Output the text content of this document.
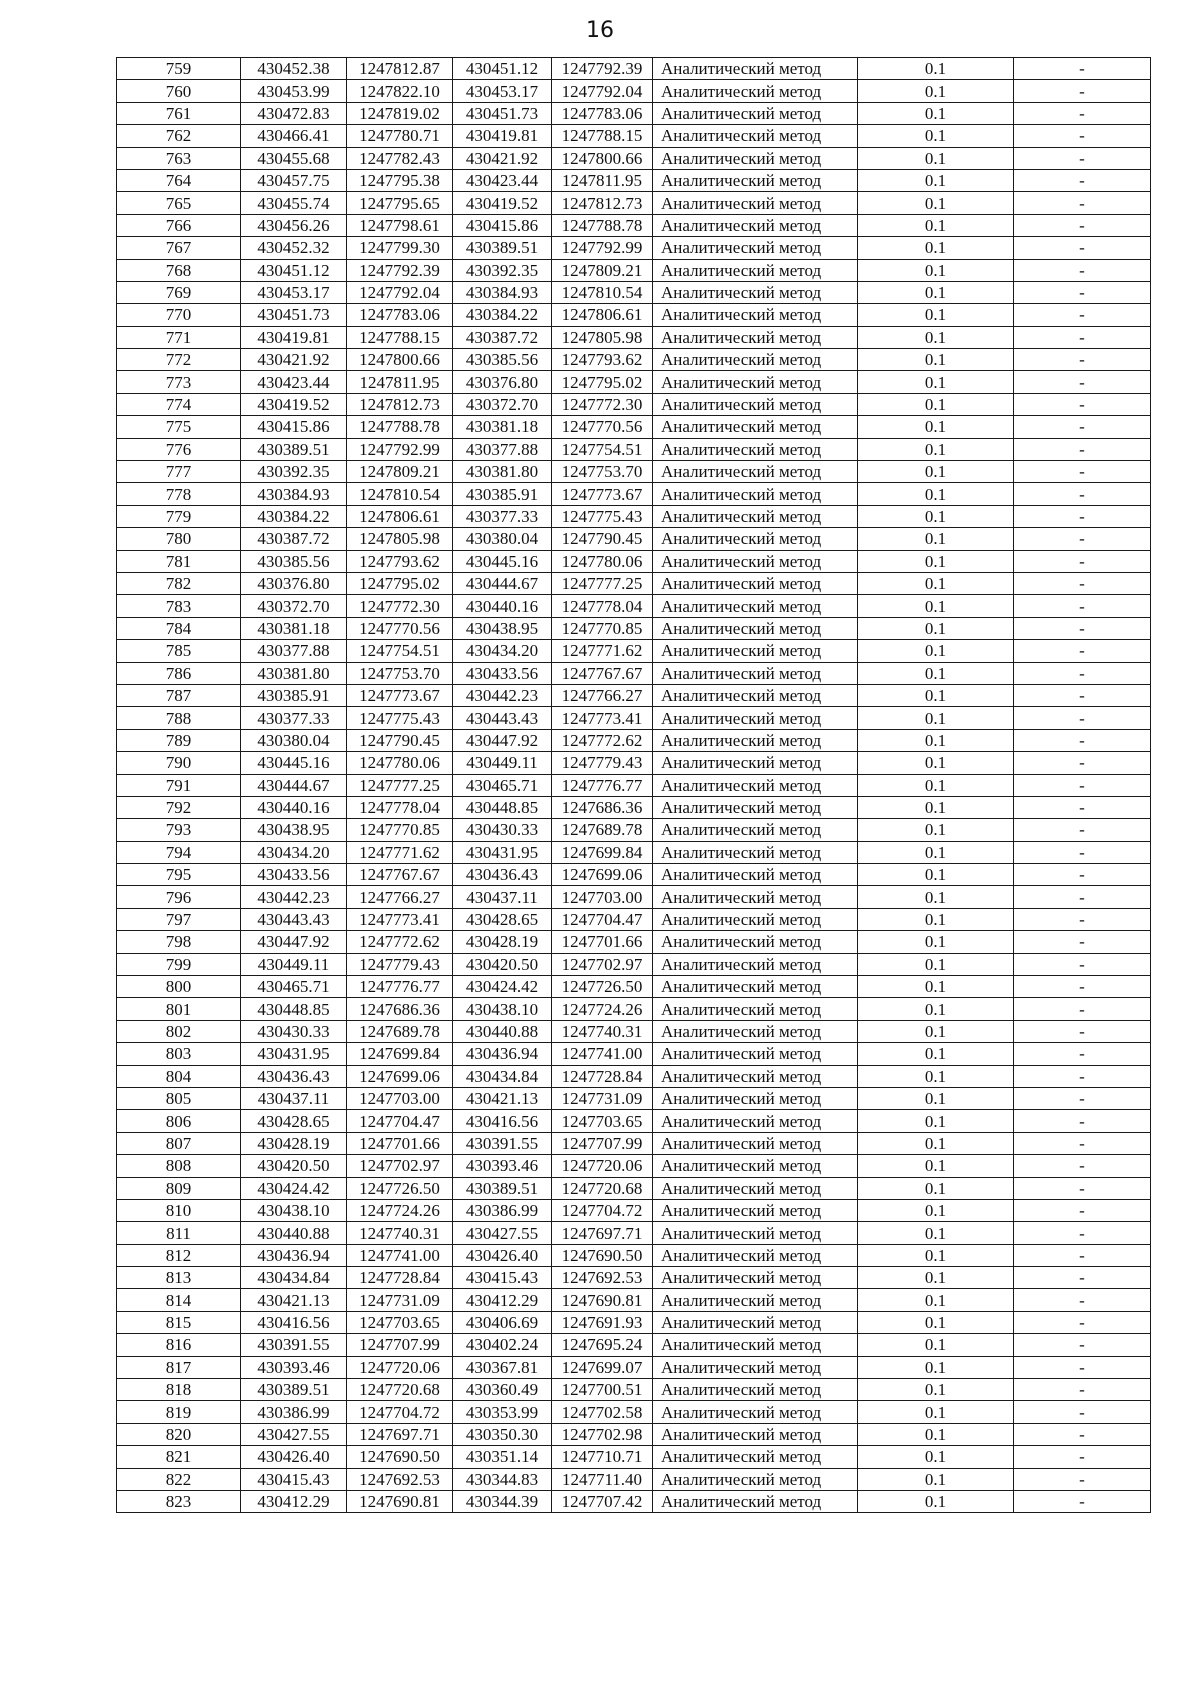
16
759	430452.38	1247812.87	430451.12	1247792.39	Аналитический метод	0.1	-
760	430453.99	1247822.10	430453.17	1247792.04	Аналитический метод	0.1	-
761	430472.83	1247819.02	430451.73	1247783.06	Аналитический метод	0.1	-
762	430466.41	1247780.71	430419.81	1247788.15	Аналитический метод	0.1	-
763	430455.68	1247782.43	430421.92	1247800.66	Аналитический метод	0.1	-
764	430457.75	1247795.38	430423.44	1247811.95	Аналитический метод	0.1	-
765	430455.74	1247795.65	430419.52	1247812.73	Аналитический метод	0.1	-
766	430456.26	1247798.61	430415.86	1247788.78	Аналитический метод	0.1	-
767	430452.32	1247799.30	430389.51	1247792.99	Аналитический метод	0.1	-
768	430451.12	1247792.39	430392.35	1247809.21	Аналитический метод	0.1	-
769	430453.17	1247792.04	430384.93	1247810.54	Аналитический метод	0.1	-
770	430451.73	1247783.06	430384.22	1247806.61	Аналитический метод	0.1	-
771	430419.81	1247788.15	430387.72	1247805.98	Аналитический метод	0.1	-
772	430421.92	1247800.66	430385.56	1247793.62	Аналитический метод	0.1	-
773	430423.44	1247811.95	430376.80	1247795.02	Аналитический метод	0.1	-
774	430419.52	1247812.73	430372.70	1247772.30	Аналитический метод	0.1	-
775	430415.86	1247788.78	430381.18	1247770.56	Аналитический метод	0.1	-
776	430389.51	1247792.99	430377.88	1247754.51	Аналитический метод	0.1	-
777	430392.35	1247809.21	430381.80	1247753.70	Аналитический метод	0.1	-
778	430384.93	1247810.54	430385.91	1247773.67	Аналитический метод	0.1	-
779	430384.22	1247806.61	430377.33	1247775.43	Аналитический метод	0.1	-
780	430387.72	1247805.98	430380.04	1247790.45	Аналитический метод	0.1	-
781	430385.56	1247793.62	430445.16	1247780.06	Аналитический метод	0.1	-
782	430376.80	1247795.02	430444.67	1247777.25	Аналитический метод	0.1	-
783	430372.70	1247772.30	430440.16	1247778.04	Аналитический метод	0.1	-
784	430381.18	1247770.56	430438.95	1247770.85	Аналитический метод	0.1	-
785	430377.88	1247754.51	430434.20	1247771.62	Аналитический метод	0.1	-
786	430381.80	1247753.70	430433.56	1247767.67	Аналитический метод	0.1	-
787	430385.91	1247773.67	430442.23	1247766.27	Аналитический метод	0.1	-
788	430377.33	1247775.43	430443.43	1247773.41	Аналитический метод	0.1	-
789	430380.04	1247790.45	430447.92	1247772.62	Аналитический метод	0.1	-
790	430445.16	1247780.06	430449.11	1247779.43	Аналитический метод	0.1	-
791	430444.67	1247777.25	430465.71	1247776.77	Аналитический метод	0.1	-
792	430440.16	1247778.04	430448.85	1247686.36	Аналитический метод	0.1	-
793	430438.95	1247770.85	430430.33	1247689.78	Аналитический метод	0.1	-
794	430434.20	1247771.62	430431.95	1247699.84	Аналитический метод	0.1	-
795	430433.56	1247767.67	430436.43	1247699.06	Аналитический метод	0.1	-
796	430442.23	1247766.27	430437.11	1247703.00	Аналитический метод	0.1	-
797	430443.43	1247773.41	430428.65	1247704.47	Аналитический метод	0.1	-
798	430447.92	1247772.62	430428.19	1247701.66	Аналитический метод	0.1	-
799	430449.11	1247779.43	430420.50	1247702.97	Аналитический метод	0.1	-
800	430465.71	1247776.77	430424.42	1247726.50	Аналитический метод	0.1	-
801	430448.85	1247686.36	430438.10	1247724.26	Аналитический метод	0.1	-
802	430430.33	1247689.78	430440.88	1247740.31	Аналитический метод	0.1	-
803	430431.95	1247699.84	430436.94	1247741.00	Аналитический метод	0.1	-
804	430436.43	1247699.06	430434.84	1247728.84	Аналитический метод	0.1	-
805	430437.11	1247703.00	430421.13	1247731.09	Аналитический метод	0.1	-
806	430428.65	1247704.47	430416.56	1247703.65	Аналитический метод	0.1	-
807	430428.19	1247701.66	430391.55	1247707.99	Аналитический метод	0.1	-
808	430420.50	1247702.97	430393.46	1247720.06	Аналитический метод	0.1	-
809	430424.42	1247726.50	430389.51	1247720.68	Аналитический метод	0.1	-
810	430438.10	1247724.26	430386.99	1247704.72	Аналитический метод	0.1	-
811	430440.88	1247740.31	430427.55	1247697.71	Аналитический метод	0.1	-
812	430436.94	1247741.00	430426.40	1247690.50	Аналитический метод	0.1	-
813	430434.84	1247728.84	430415.43	1247692.53	Аналитический метод	0.1	-
814	430421.13	1247731.09	430412.29	1247690.81	Аналитический метод	0.1	-
815	430416.56	1247703.65	430406.69	1247691.93	Аналитический метод	0.1	-
816	430391.55	1247707.99	430402.24	1247695.24	Аналитический метод	0.1	-
817	430393.46	1247720.06	430367.81	1247699.07	Аналитический метод	0.1	-
818	430389.51	1247720.68	430360.49	1247700.51	Аналитический метод	0.1	-
819	430386.99	1247704.72	430353.99	1247702.58	Аналитический метод	0.1	-
820	430427.55	1247697.71	430350.30	1247702.98	Аналитический метод	0.1	-
821	430426.40	1247690.50	430351.14	1247710.71	Аналитический метод	0.1	-
822	430415.43	1247692.53	430344.83	1247711.40	Аналитический метод	0.1	-
823	430412.29	1247690.81	430344.39	1247707.42	Аналитический метод	0.1	-
